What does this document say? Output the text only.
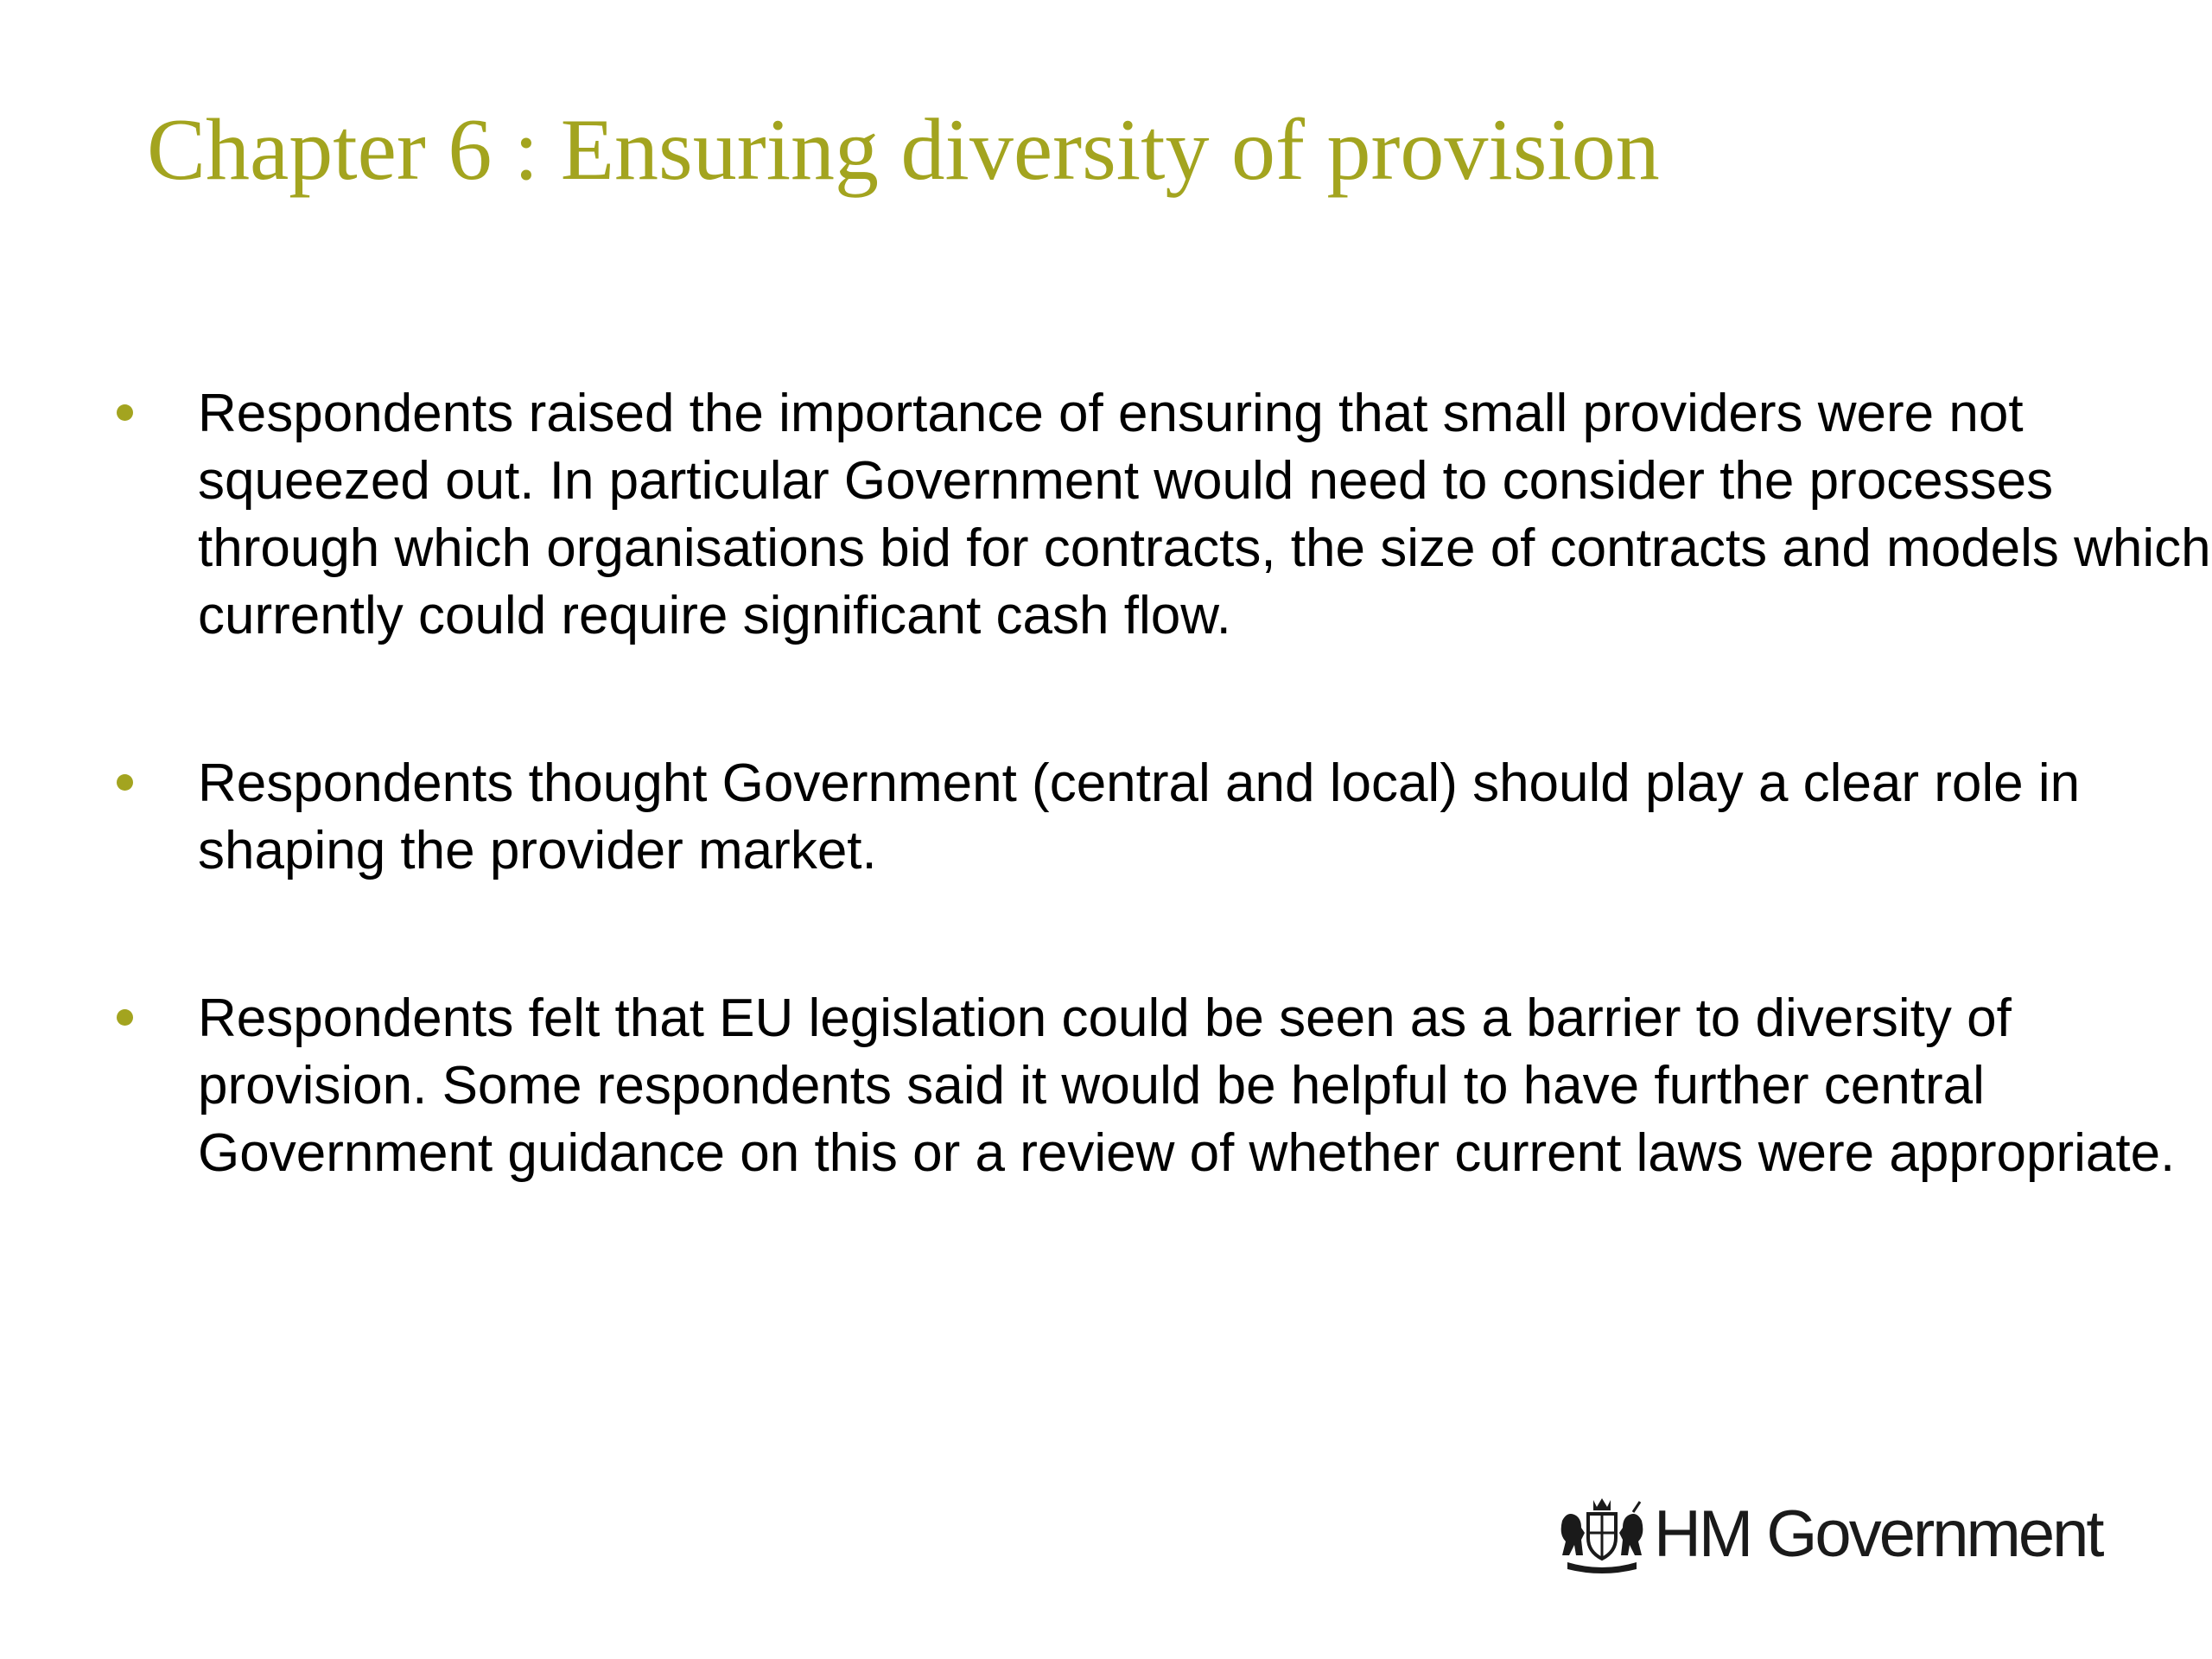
Chapter 6 : Ensuring diversity of provision

Respondents raised the importance of ensuring that small providers were not squeezed out. In particular Government would need to consider the processes through which organisations bid for contracts, the size of contracts and models which currently could require significant cash flow.

Respondents thought Government (central and local) should play a clear role in shaping the provider market.

Respondents felt that EU legislation could be seen as a barrier to diversity of provision. Some respondents said it would be helpful to have further central Government guidance on this or a review of whether current laws were appropriate.

HM Government
